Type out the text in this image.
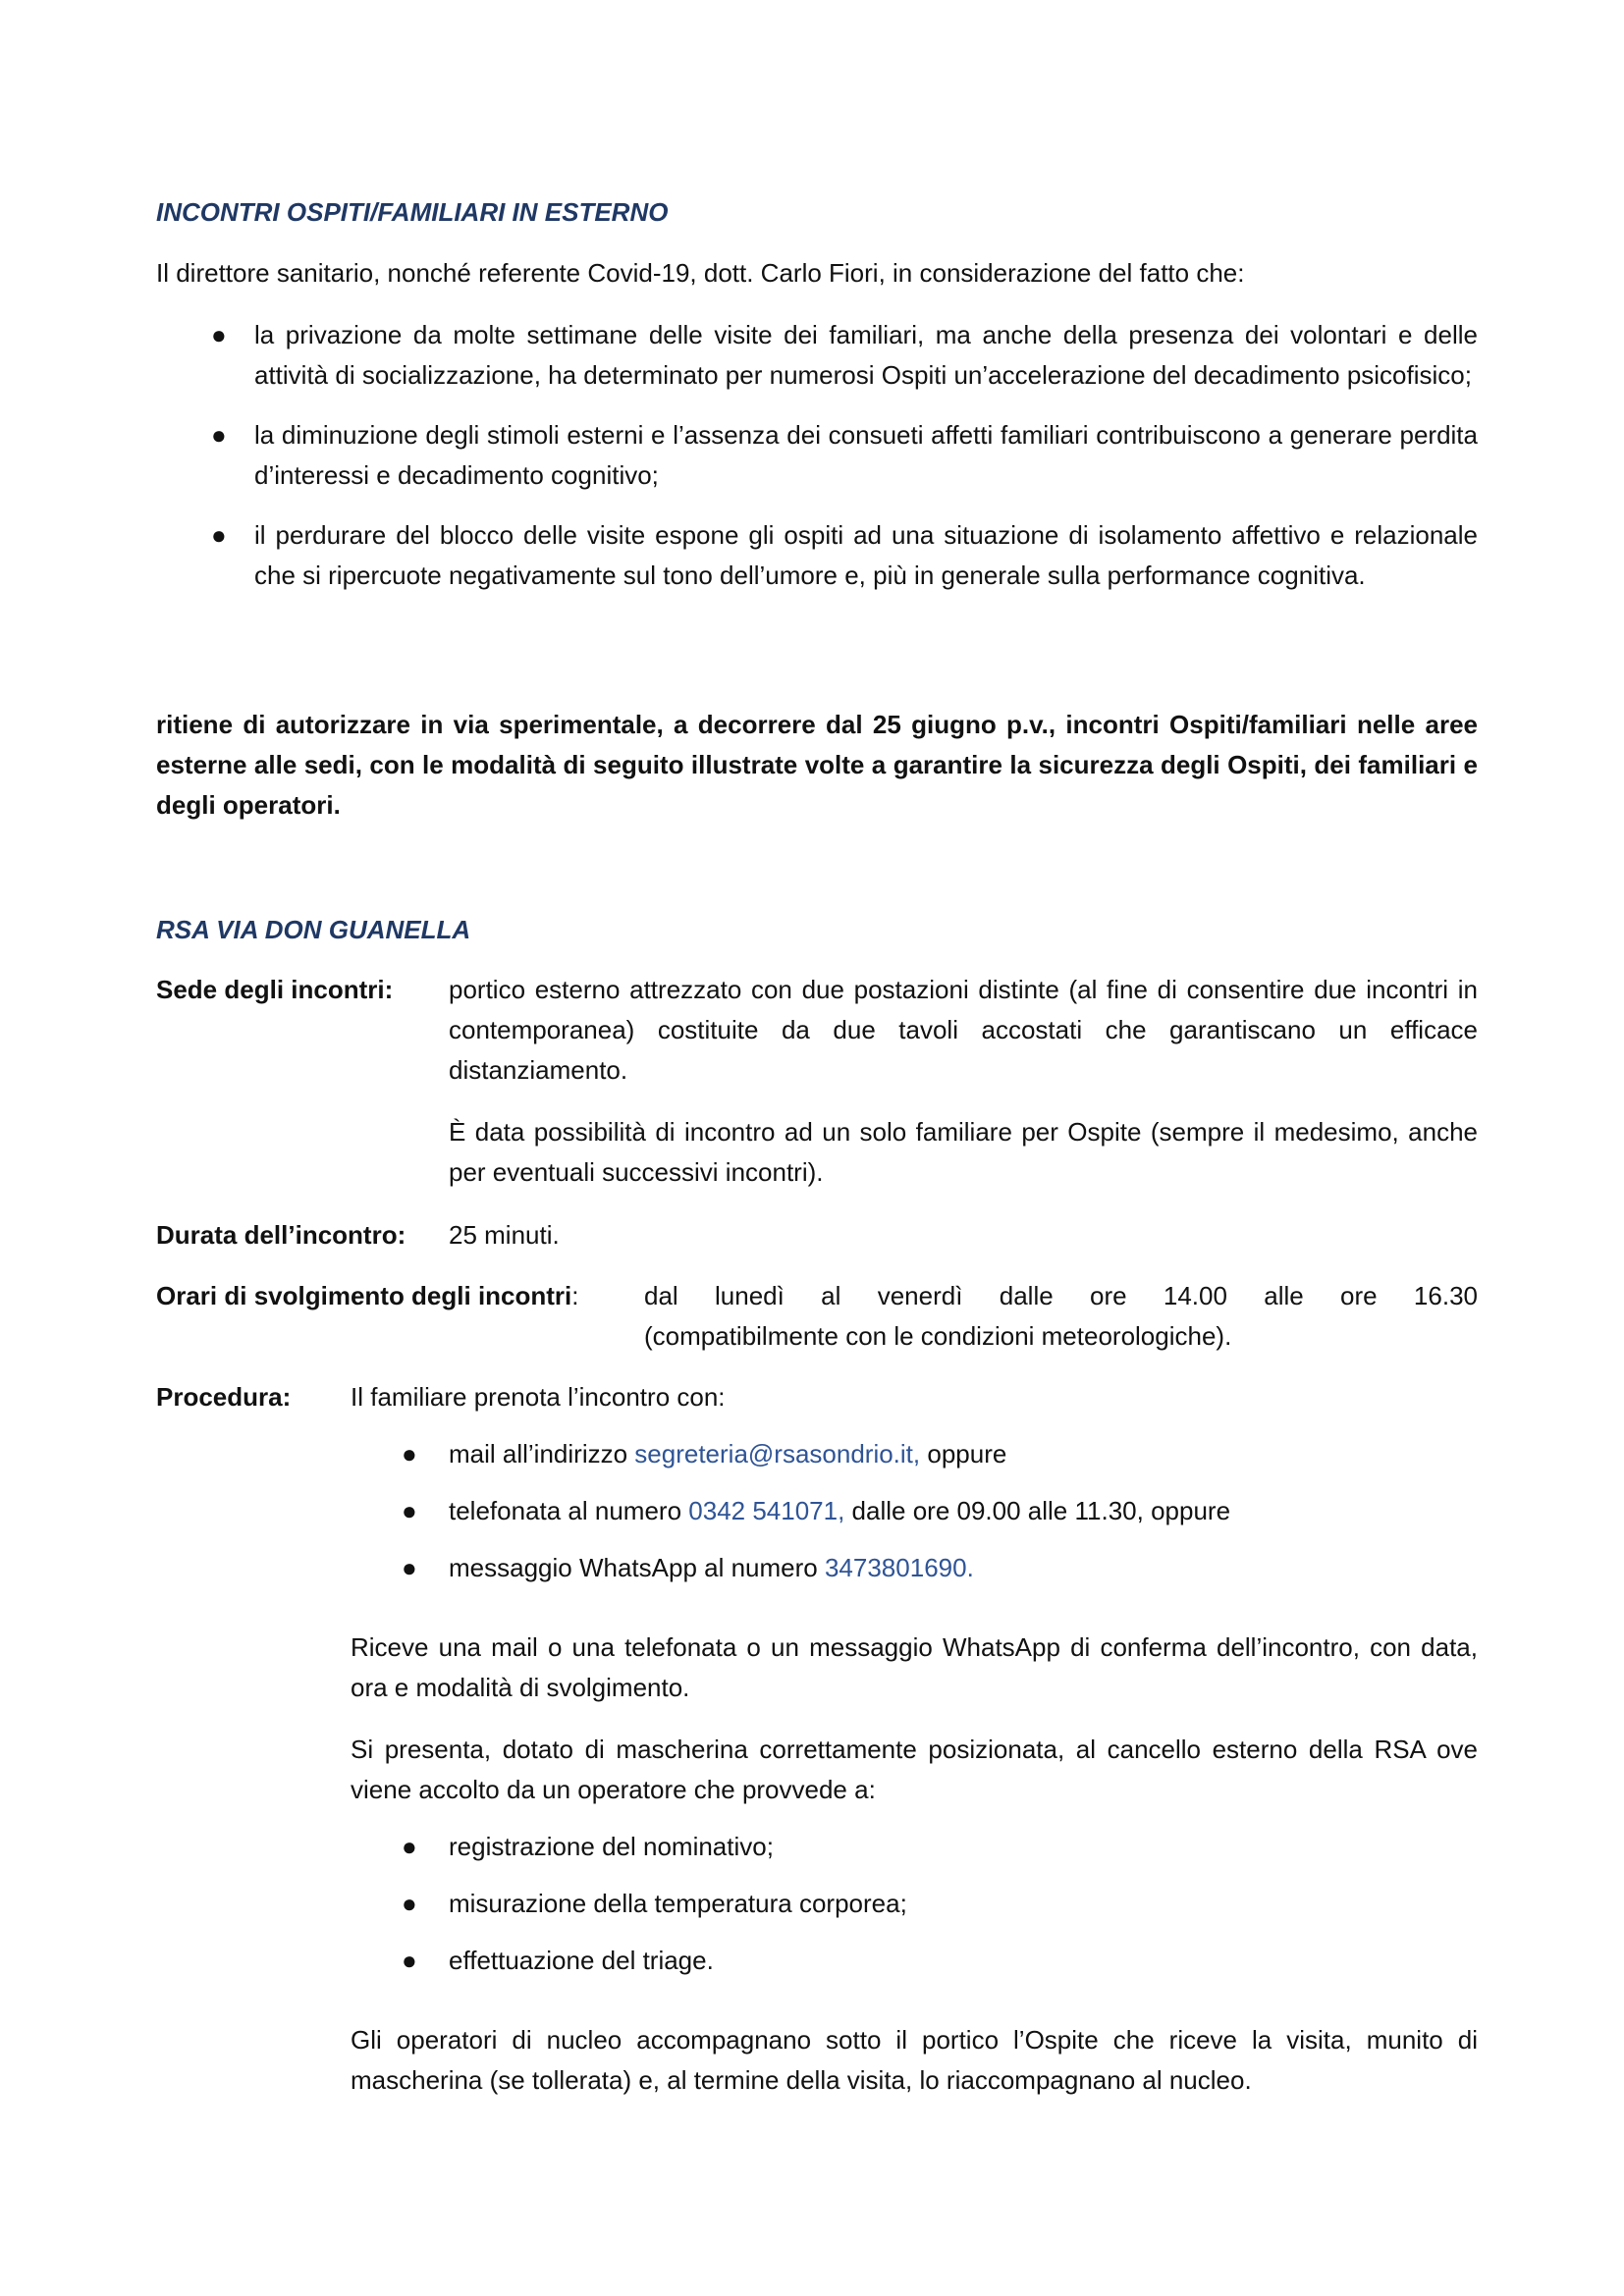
INCONTRI OSPITI/FAMILIARI IN ESTERNO
Il direttore sanitario, nonché referente Covid-19, dott. Carlo Fiori, in considerazione del fatto che:
● la privazione da molte settimane delle visite dei familiari, ma anche della presenza dei volontari e delle attività di socializzazione, ha determinato per numerosi Ospiti un’accelerazione del decadimento psicofisico;
● la diminuzione degli stimoli esterni e l’assenza dei consueti affetti familiari contribuiscono a generare perdita d’interessi e decadimento cognitivo;
● il perdurare del blocco delle visite espone gli ospiti ad una situazione di isolamento affettivo e relazionale che si ripercuote negativamente sul tono dell’umore e, più in generale sulla performance cognitiva.
ritiene di autorizzare in via sperimentale, a decorrere dal 25 giugno p.v., incontri Ospiti/familiari nelle aree esterne alle sedi, con le modalità di seguito illustrate volte a garantire la sicurezza degli Ospiti, dei familiari e degli operatori.
RSA VIA DON GUANELLA
Sede degli incontri: portico esterno attrezzato con due postazioni distinte (al fine di consentire due incontri in contemporanea) costituite da due tavoli accostati che garantiscano un efficace distanziamento.

È data possibilità di incontro ad un solo familiare per Ospite (sempre il medesimo, anche per eventuali successivi incontri).

Durata dell’incontro: 25 minuti.
Orari di svolgimento degli incontri:	dal lunedì al venerdì dalle ore 14.00 alle ore 16.30
(compatibilmente con le condizioni meteorologiche).
Procedura: Il familiare prenota l’incontro con:

● mail all’indirizzo segreteria@rsasondrio.it, oppure
● telefonata al numero 0342 541071, dalle ore 09.00 alle 11.30, oppure
● messaggio WhatsApp al numero 3473801690.

Riceve una mail o una telefonata o un messaggio WhatsApp di conferma dell’incontro, con data, ora e modalità di svolgimento.

Si presenta, dotato di mascherina correttamente posizionata, al cancello esterno della RSA ove viene accolto da un operatore che provvede a:

● registrazione del nominativo;
● misurazione della temperatura corporea;
● effettuazione del triage.

Gli operatori di nucleo accompagnano sotto il portico l’Ospite che riceve la visita, munito di mascherina (se tollerata) e, al termine della visita, lo riaccompagnano al nucleo.
